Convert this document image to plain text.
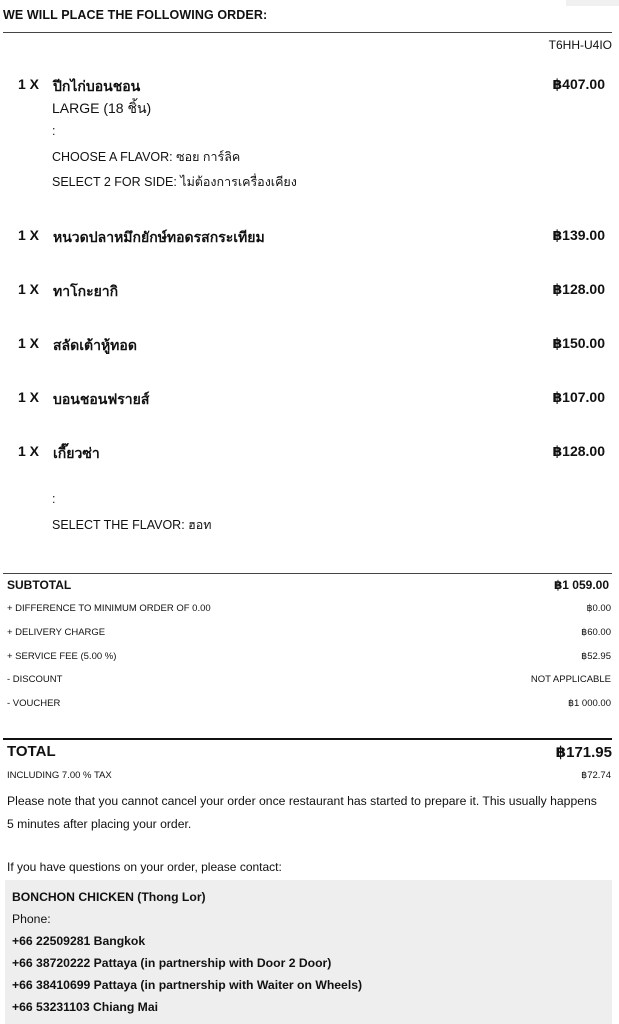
WE WILL PLACE THE FOLLOWING ORDER:
T6HH-U4IO
1 X ปีกไก่บอนชอน	฿407.00
LARGE (18 ชิ้น)
:
CHOOSE A FLAVOR: ซอย การ์ลิค
SELECT 2 FOR SIDE: ไม่ต้องการเครื่องเคียง
1 X หนวดปลาหมึกยักษ์ทอดรสกระเทียม	฿139.00
1 X ทาโกะยากิ	฿128.00
1 X สลัดเต้าหู้ทอด	฿150.00
1 X บอนชอนฟรายส์	฿107.00
1 X เกี๊ยวซ่า	฿128.00
:
SELECT THE FLAVOR: ฮอท
SUBTOTAL	฿1 059.00
+ DIFFERENCE TO MINIMUM ORDER OF 0.00	฿0.00
+ DELIVERY CHARGE	฿60.00
+ SERVICE FEE (5.00 %)	฿52.95
- DISCOUNT	NOT APPLICABLE
- VOUCHER	฿1 000.00
TOTAL	฿171.95
INCLUDING 7.00 % TAX	฿72.74
Please note that you cannot cancel your order once restaurant has started to prepare it. This usually happens 5 minutes after placing your order.
If you have questions on your order, please contact:
BONCHON CHICKEN (Thong Lor)
Phone:
+66 22509281 Bangkok
+66 38720222 Pattaya (in partnership with Door 2 Door)
+66 38410699 Pattaya (in partnership with Waiter on Wheels)
+66 53231103 Chiang Mai
